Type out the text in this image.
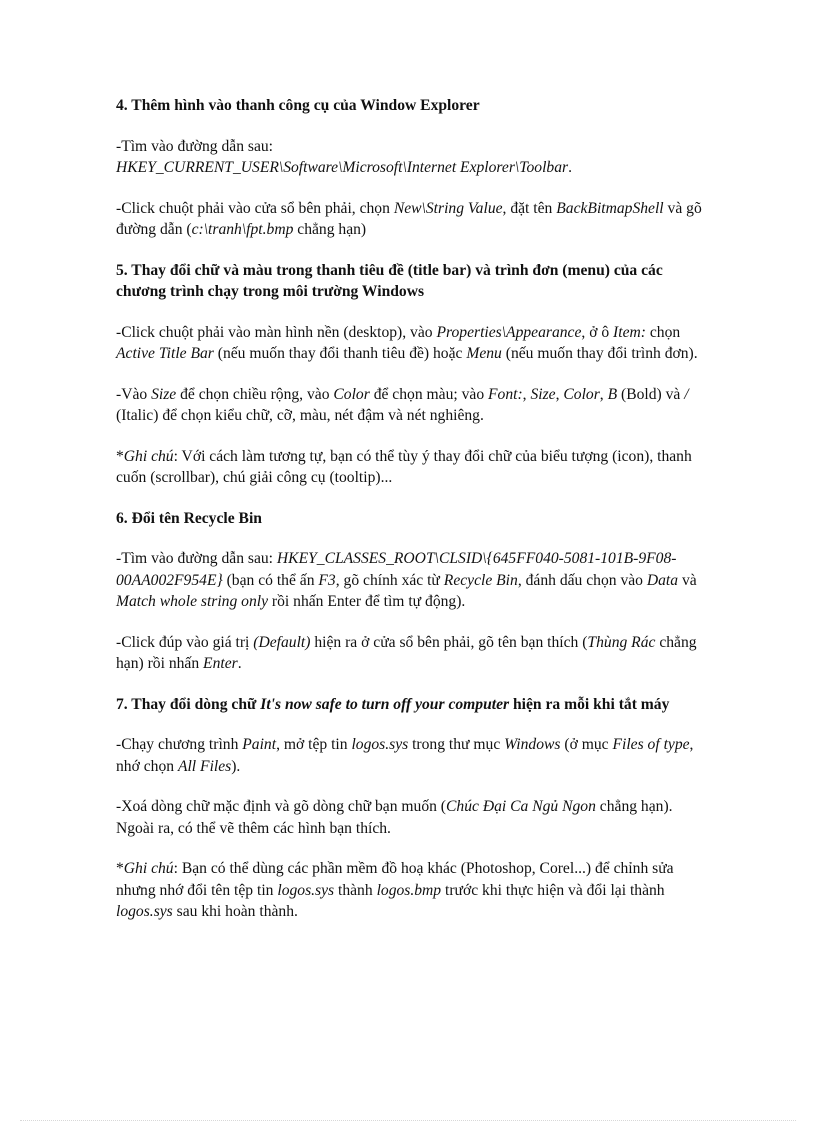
4. Thêm hình vào thanh công cụ của Window Explorer
-Tìm vào đường dẫn sau:
HKEY_CURRENT_USER\Software\Microsoft\Internet Explorer\Toolbar.
-Click chuột phải vào cửa sổ bên phải, chọn New\String Value, đặt tên BackBitmapShell và gõ đường dẫn (c:\tranh\fpt.bmp chẳng hạn)
5. Thay đổi chữ và màu trong thanh tiêu đề (title bar) và trình đơn (menu) của các chương trình chạy trong môi trường Windows
-Click chuột phải vào màn hình nền (desktop), vào Properties\Appearance, ở ô Item: chọn Active Title Bar (nếu muốn thay đổi thanh tiêu đề) hoặc Menu (nếu muốn thay đổi trình đơn).
-Vào Size để chọn chiều rộng, vào Color để chọn màu; vào Font:, Size, Color, B (Bold) và / (Italic) để chọn kiểu chữ, cỡ, màu, nét đậm và nét nghiêng.
*Ghi chú: Với cách làm tương tự, bạn có thể tùy ý thay đổi chữ của biểu tượng (icon), thanh cuốn (scrollbar), chú giải công cụ (tooltip)...
6. Đổi tên Recycle Bin
-Tìm vào đường dẫn sau: HKEY_CLASSES_ROOT\CLSID\{645FF040-5081-101B-9F08-00AA002F954E} (bạn có thể ấn F3, gõ chính xác từ Recycle Bin, đánh dấu chọn vào Data và Match whole string only rồi nhấn Enter để tìm tự động).
-Click đúp vào giá trị (Default) hiện ra ở cửa sổ bên phải, gõ tên bạn thích (Thùng Rác chẳng hạn) rồi nhấn Enter.
7. Thay đổi dòng chữ It's now safe to turn off your computer hiện ra mỗi khi tắt máy
-Chạy chương trình Paint, mở tệp tin logos.sys trong thư mục Windows (ở mục Files of type, nhớ chọn All Files).
-Xoá dòng chữ mặc định và gõ dòng chữ bạn muốn (Chúc Đại Ca Ngủ Ngon chẳng hạn). Ngoài ra, có thể vẽ thêm các hình bạn thích.
*Ghi chú: Bạn có thể dùng các phần mềm đồ hoạ khác (Photoshop, Corel...) để chỉnh sửa nhưng nhớ đổi tên tệp tin logos.sys thành logos.bmp trước khi thực hiện và đổi lại thành logos.sys sau khi hoàn thành.
